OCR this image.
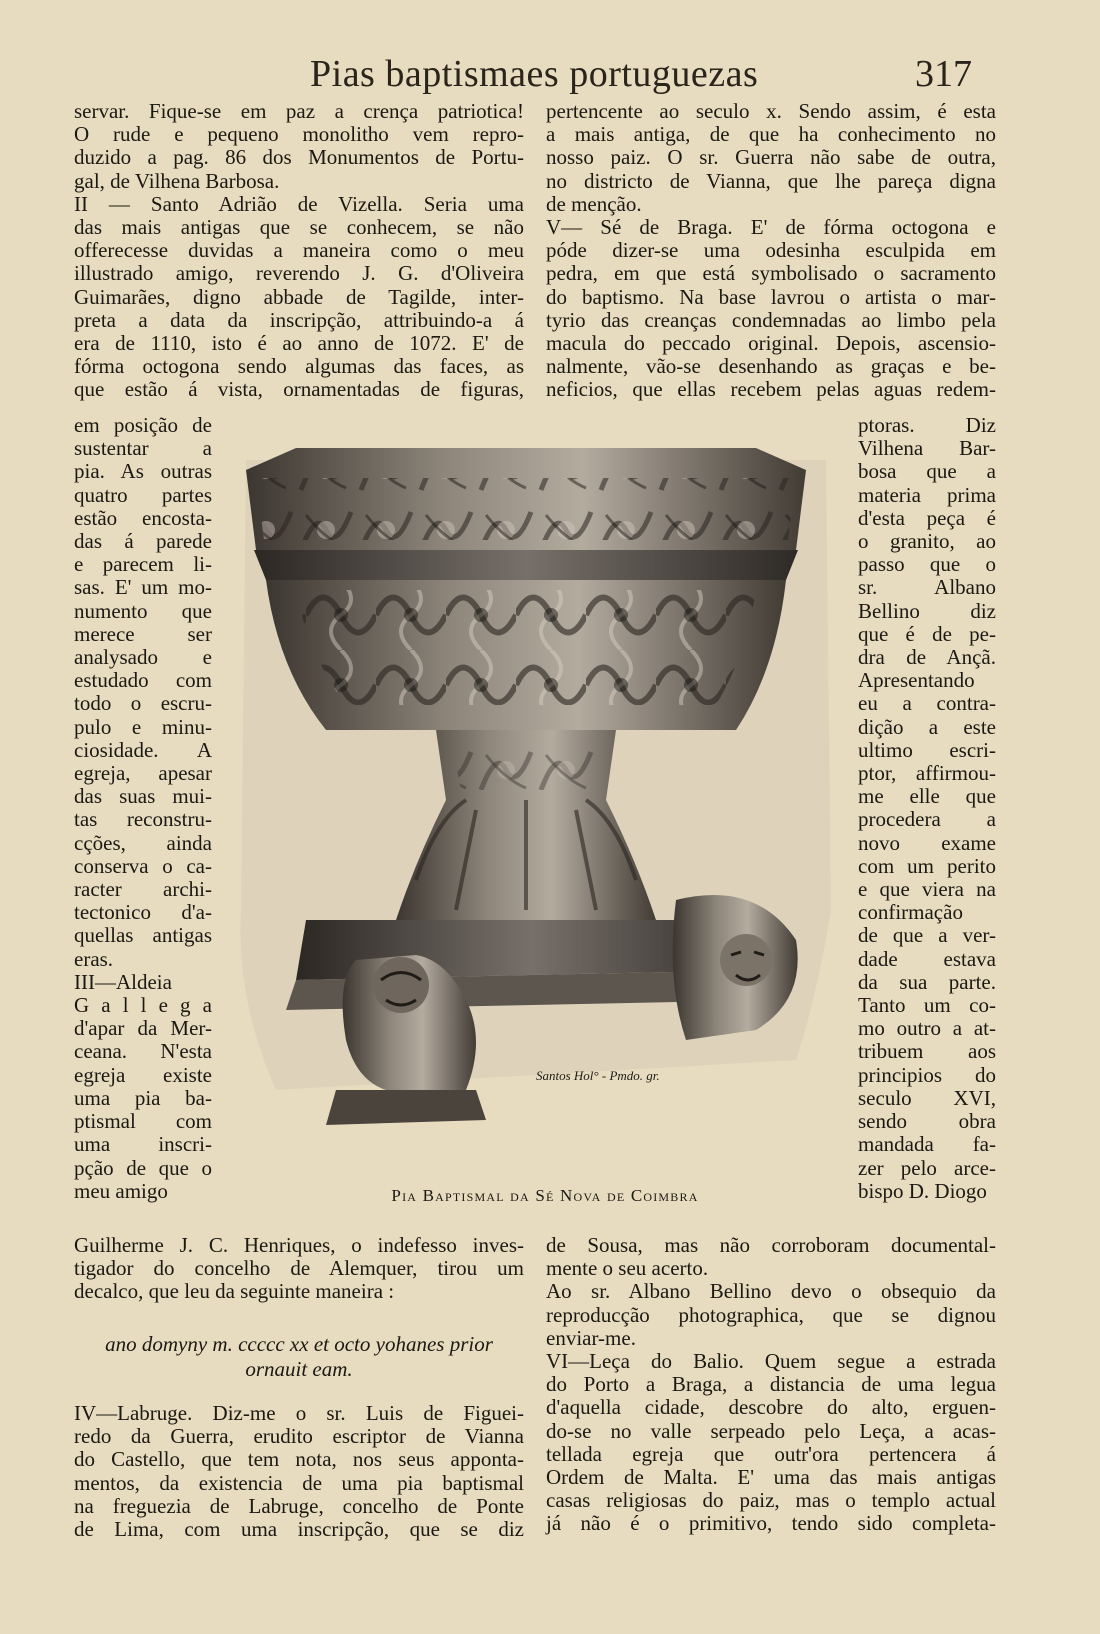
Pias baptismaes portuguezas	317
servar. Fique-se em paz a crença patriotica!
O rude e pequeno monolitho vem repro-
duzido a pag. 86 dos Monumentos de Portu-
gal, de Vilhena Barbosa.
II — Santo Adrião de Vizella. Seria uma
das mais antigas que se conhecem, se não
offerecesse duvidas a maneira como o meu
illustrado amigo, reverendo J. G. d'Oliveira
Guimarães, digno abbade de Tagilde, inter-
preta a data da inscripção, attribuindo-a á
era de 1110, isto é ao anno de 1072. E' de
fórma octogona sendo algumas das faces, as
que estão á vista, ornamentadas de figuras,
em posição de
sustentar a
pia. As outras
quatro partes
estão encosta-
das á parede
e parecem li-
sas. E' um mo-
numento que
merece ser
analysado e
estudado com
todo o escru-
pulo e minu-
ciosidade. A
egreja, apesar
das suas mui-
tas reconstru-
cções, ainda
conserva o ca-
racter archi-
tectonico d'a-
quellas antigas
eras.
III—Aldeia
G a l l e g a
d'apar da Mer-
ceana. N'esta
egreja existe
uma pia ba-
ptismal com
uma inscri-
pção de que o
meu amigo
Guilherme J. C. Henriques, o indefesso inves-
tigador do concelho de Alemquer, tirou um
decalco, que leu da seguinte maneira :
ano domyny m. ccccc xx et octo yohanes prior
ornauit eam.
IV—Labruge. Diz-me o sr. Luis de Figuei-
redo da Guerra, erudito escriptor de Vianna
do Castello, que tem nota, nos seus apponta-
mentos, da existencia de uma pia baptismal
na freguezia de Labruge, concelho de Ponte
de Lima, com uma inscripção, que se diz
pertencente ao seculo x. Sendo assim, é esta
a mais antiga, de que ha conhecimento no
nosso paiz. O sr. Guerra não sabe de outra,
no districto de Vianna, que lhe pareça digna
de menção.
V— Sé de Braga. E' de fórma octogona e
póde dizer-se uma odesinha esculpida em
pedra, em que está symbolisado o sacramento
do baptismo. Na base lavrou o artista o mar-
tyrio das creanças condemnadas ao limbo pela
macula do peccado original. Depois, ascensio-
nalmente, vão-se desenhando as graças e be-
neficios, que ellas recebem pelas aguas redem-
ptoras. Diz
Vilhena Bar-
bosa que a
materia prima
d'esta peça é
o granito, ao
passo que o
sr. Albano
Bellino diz
que é de pe-
dra de Ançã.
Apresentando
eu a contra-
dição a este
ultimo escri-
ptor, affirmou-
me elle que
procedera a
novo exame
com um perito
e que viera na
confirmação
de que a ver-
dade estava
da sua parte.
Tanto um co-
mo outro a at-
tribuem aos
principios do
seculo XVI,
sendo obra
mandada fa-
zer pelo arce-
bispo D. Diogo
de Sousa, mas não corroboram documental-
mente o seu acerto.
Ao sr. Albano Bellino devo o obsequio da
reproducção photographica, que se dignou
enviar-me.
VI—Leça do Balio. Quem segue a estrada
do Porto a Braga, a distancia de uma legua
d'aquella cidade, descobre do alto, erguen-
do-se no valle serpeado pelo Leça, a acas-
tellada egreja que outr'ora pertencera á
Ordem de Malta. E' uma das mais antigas
casas religiosas do paiz, mas o templo actual
já não é o primitivo, tendo sido completa-
Santos Hol° - Pmdo. gr.
Pia Baptismal da Sé Nova de Coimbra
